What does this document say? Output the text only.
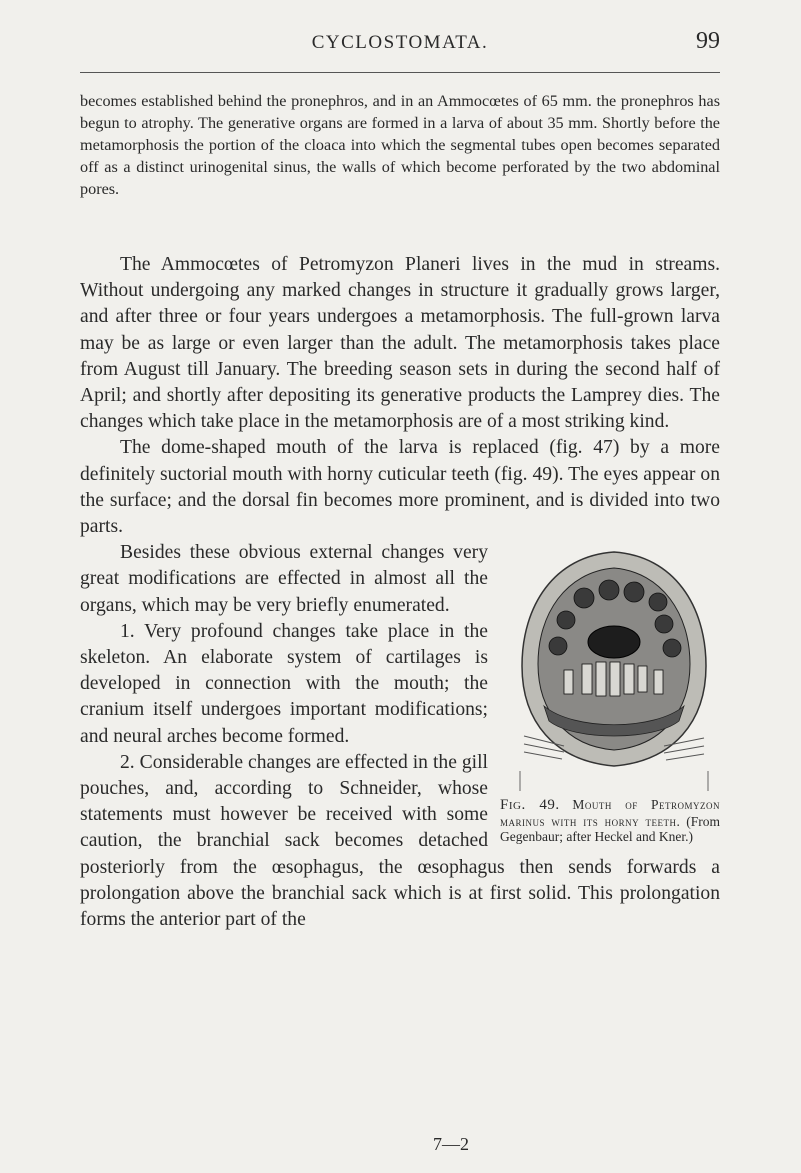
CYCLOSTOMATA.	99

becomes established behind the pronephros, and in an Ammocœtes of 65 mm. the pronephros has begun to atrophy. The generative organs are formed in a larva of about 35 mm. Shortly before the metamorphosis the portion of the cloaca into which the segmental tubes open becomes separated off as a distinct urinogenital sinus, the walls of which become perforated by the two abdominal pores.

The Ammocœtes of Petromyzon Planeri lives in the mud in streams. Without undergoing any marked changes in structure it gradually grows larger, and after three or four years undergoes a metamorphosis. The full-grown larva may be as large or even larger than the adult. The metamorphosis takes place from August till January. The breeding season sets in during the second half of April; and shortly after depositing its generative products the Lamprey dies. The changes which take place in the metamorphosis are of a most striking kind.

The dome-shaped mouth of the larva is replaced (fig. 47) by a more definitely suctorial mouth with horny cuticular teeth (fig. 49). The eyes appear on the surface; and the dorsal fin becomes more prominent, and is divided into two parts.

Fig. 49. Mouth of Petromyzon marinus with its horny teeth. (From Gegenbaur; after Heckel and Kner.)

Besides these obvious external changes very great modifications are effected in almost all the organs, which may be very briefly enumerated.

1. Very profound changes take place in the skeleton. An elaborate system of cartilages is developed in connection with the mouth; the cranium itself undergoes important modifications; and neural arches become formed.

2. Considerable changes are effected in the gill pouches, and, according to Schneider, whose statements must however be received with some caution, the branchial sack becomes detached posteriorly from the œsophagus, the œsophagus then sends forwards a prolongation above the branchial sack which is at first solid. This prolongation forms the anterior part of the

7—2
